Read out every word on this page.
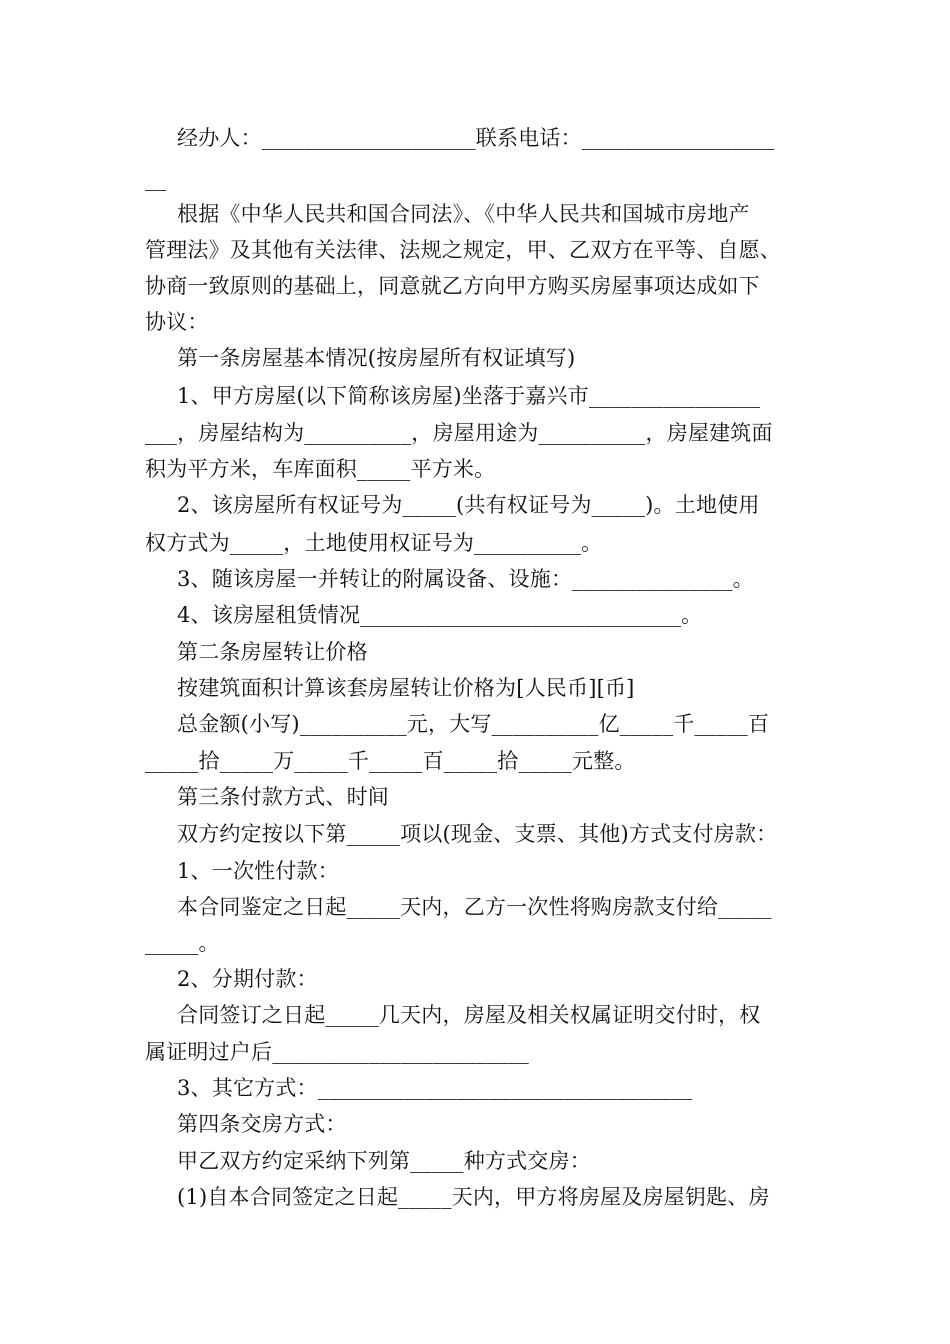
经办人：____________________联系电话：__________________
__
根据《中华人民共和国合同法》、《中华人民共和国城市房地产
管理法》及其他有关法律、法规之规定，甲、乙双方在平等、自愿、
协商一致原则的基础上，同意就乙方向甲方购买房屋事项达成如下
协议：
第一条房屋基本情况(按房屋所有权证填写)
1、甲方房屋(以下简称该房屋)坐落于嘉兴市________________
___，房屋结构为__________，房屋用途为__________，房屋建筑面
积为平方米，车库面积_____平方米。
2、该房屋所有权证号为_____(共有权证号为_____)。土地使用
权方式为_____，土地使用权证号为__________。
3、随该房屋一并转让的附属设备、设施：_______________。
4、该房屋租赁情况______________________________。
第二条房屋转让价格
按建筑面积计算该套房屋转让价格为[人民币][币]
总金额(小写)__________元，大写__________亿_____千_____百
_____拾_____万_____千_____百_____拾_____元整。
第三条付款方式、时间
双方约定按以下第_____项以(现金、支票、其他)方式支付房款：
1、一次性付款：
本合同鉴定之日起_____天内，乙方一次性将购房款支付给_____
_____。
2、分期付款：
合同签订之日起_____几天内，房屋及相关权属证明交付时，权
属证明过户后________________________
3、其它方式：___________________________________
第四条交房方式：
甲乙双方约定采纳下列第_____种方式交房：
(1)自本合同签定之日起_____天内，甲方将房屋及房屋钥匙、房
